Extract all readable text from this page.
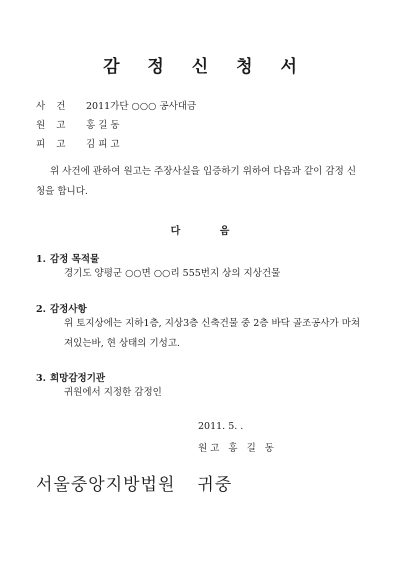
감 정 신 청 서
사 건 2011가단 ○○○ 공사대금
원 고 홍 길 동
피 고 김 피 고
위 사건에 관하여 원고는 주장사실을 입증하기 위하여 다음과 같이 감정 신청을 합니다.
다 음
1. 감정 목적물
경기도 양평군 ○○면 ○○리 555번지 상의 지상건물
2. 감정사항
위 토지상에는 지하1층, 지상3층 신축건물 중 2층 바닥 골조공사가 마쳐져있는바, 현 상태의 기성고.
3. 희망감정기관
귀원에서 지정한 감정인
2011. 5. .
원고 홍 길 동
서울중앙지방법원 귀중
